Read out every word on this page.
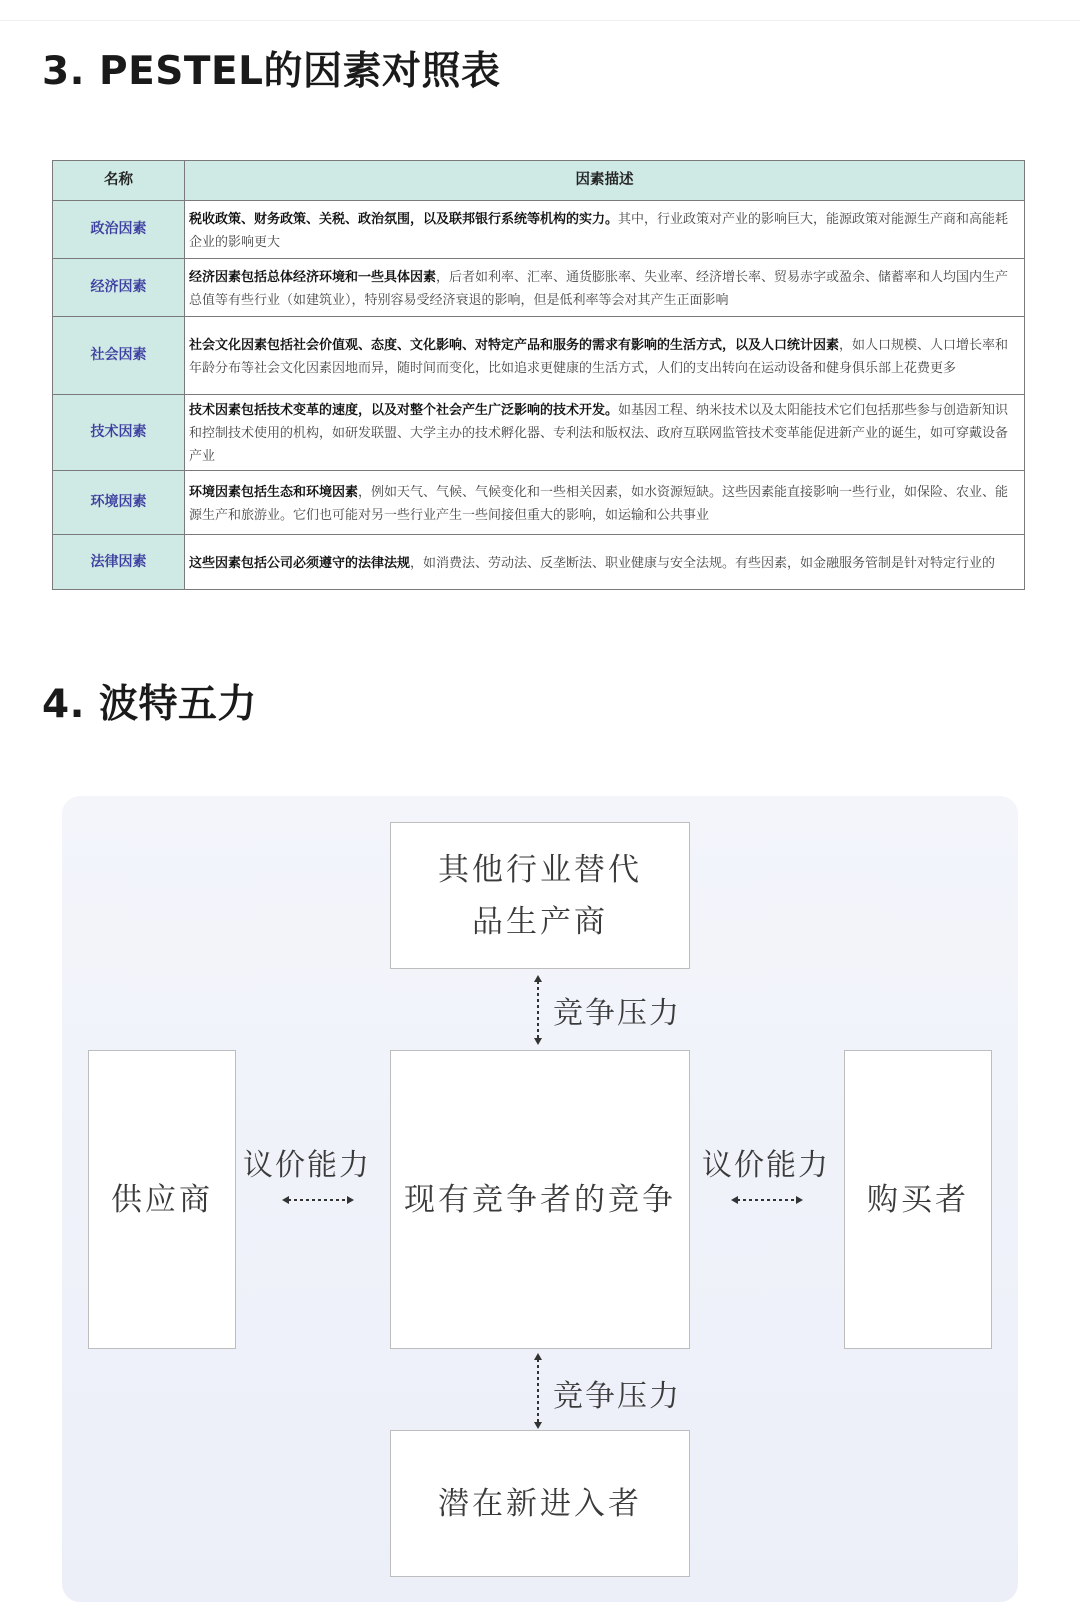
3. PESTEL的因素对照表
名称	因素描述
政治因素	税收政策、财务政策、关税、政治氛围，以及联邦银行系统等机构的实力。其中，行业政策对产业的影响巨大，能源政策对能源生产商和高能耗企业的影响更大
经济因素	经济因素包括总体经济环境和一些具体因素，后者如利率、汇率、通货膨胀率、失业率、经济增长率、贸易赤字或盈余、储蓄率和人均国内生产总值等有些行业（如建筑业），特别容易受经济衰退的影响，但是低利率等会对其产生正面影响
社会因素	社会文化因素包括社会价值观、态度、文化影响、对特定产品和服务的需求有影响的生活方式，以及人口统计因素，如人口规模、人口增长率和年龄分布等社会文化因素因地而异，随时间而变化，比如追求更健康的生活方式，人们的支出转向在运动设备和健身俱乐部上花费更多
技术因素	技术因素包括技术变革的速度，以及对整个社会产生广泛影响的技术开发。如基因工程、纳米技术以及太阳能技术它们包括那些参与创造新知识和控制技术使用的机构，如研发联盟、大学主办的技术孵化器、专利法和版权法、政府互联网监管技术变革能促进新产业的诞生，如可穿戴设备产业
环境因素	环境因素包括生态和环境因素，例如天气、气候、气候变化和一些相关因素，如水资源短缺。这些因素能直接影响一些行业，如保险、农业、能源生产和旅游业。它们也可能对另一些行业产生一些间接但重大的影响，如运输和公共事业
法律因素	这些因素包括公司必须遵守的法律法规，如消费法、劳动法、反垄断法、职业健康与安全法规。有些因素，如金融服务管制是针对特定行业的
4. 波特五力
其他行业替代
品生产商
供应商	现有竞争者的竞争	购买者
潜在新进入者
竞争压力
竞争压力
议价能力	议价能力
